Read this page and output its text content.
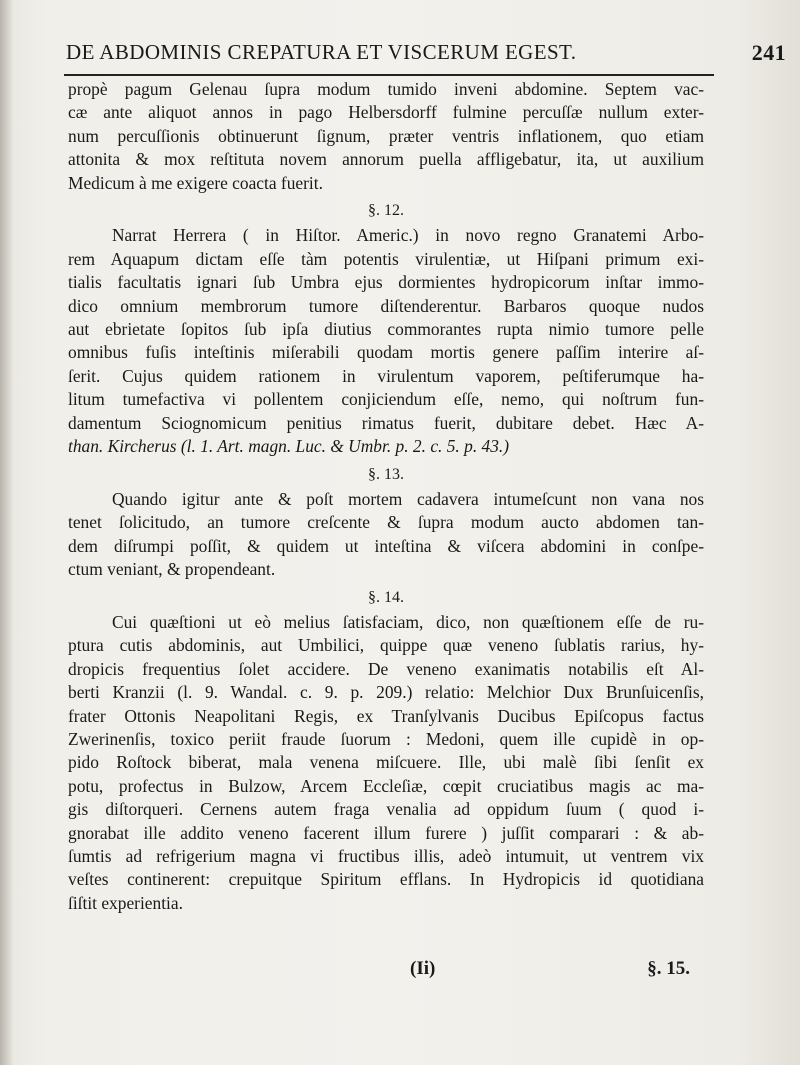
DE ABDOMINIS CREPATURA ET VISCERUM EGEST.	241
propè pagum Gelenau ſupra modum tumido inveni abdomine. Septem vac-
cæ ante aliquot annos in pago Helbersdorff fulmine percuſſæ nullum exter-
num percuſſionis obtinuerunt ſignum, præter ventris inflationem, quo etiam
attonita & mox reſtituta novem annorum puella affligebatur, ita, ut auxilium
Medicum à me exigere coacta fuerit.
§. 12.
Narrat Herrera ( in Hiſtor. Americ.) in novo regno Granatemi Arbo-
rem Aquapum dictam eſſe tàm potentis virulentiæ, ut Hiſpani primum exi-
tialis facultatis ignari ſub Umbra ejus dormientes hydropicorum inſtar immo-
dico omnium membrorum tumore diſtenderentur. Barbaros quoque nudos
aut ebrietate ſopitos ſub ipſa diutius commorantes rupta nimio tumore pelle
omnibus fuſis inteſtinis miſerabili quodam mortis genere paſſim interire aſ-
ſerit. Cujus quidem rationem in virulentum vaporem, peſtiferumque ha-
litum tumefactiva vi pollentem conjiciendum eſſe, nemo, qui noſtrum fun-
damentum Sciognomicum penitius rimatus fuerit, dubitare debet. Hæc A-
than. Kircherus (l. 1. Art. magn. Luc. & Umbr. p. 2. c. 5. p. 43.)
§. 13.
Quando igitur ante & poſt mortem cadavera intumeſcunt non vana nos
tenet ſolicitudo, an tumore creſcente & ſupra modum aucto abdomen tan-
dem diſrumpi poſſit, & quidem ut inteſtina & viſcera abdomini in conſpe-
ctum veniant, & propendeant.
§. 14.
Cui quæſtioni ut eò melius ſatisfaciam, dico, non quæſtionem eſſe de ru-
ptura cutis abdominis, aut Umbilici, quippe quæ veneno ſublatis rarius, hy-
dropicis frequentius ſolet accidere. De veneno exanimatis notabilis eſt Al-
berti Kranzii (l. 9. Wandal. c. 9. p. 209.) relatio: Melchior Dux Brunſuicenſis,
frater Ottonis Neapolitani Regis, ex Tranſylvanis Ducibus Epiſcopus factus
Zwerinenſis, toxico periit fraude ſuorum : Medoni, quem ille cupidè in op-
pido Roſtock biberat, mala venena miſcuere. Ille, ubi malè ſibi ſenſit ex
potu, profectus in Bulzow, Arcem Eccleſiæ, cœpit cruciatibus magis ac ma-
gis diſtorqueri. Cernens autem fraga venalia ad oppidum ſuum ( quod i-
gnorabat ille addito veneno facerent illum furere ) juſſit comparari : & ab-
ſumtis ad refrigerium magna vi fructibus illis, adeò intumuit, ut ventrem vix
veſtes continerent: crepuitque Spiritum efflans. In Hydropicis id quotidiana
ſiſtit experientia.
(Ii)	§. 15.
